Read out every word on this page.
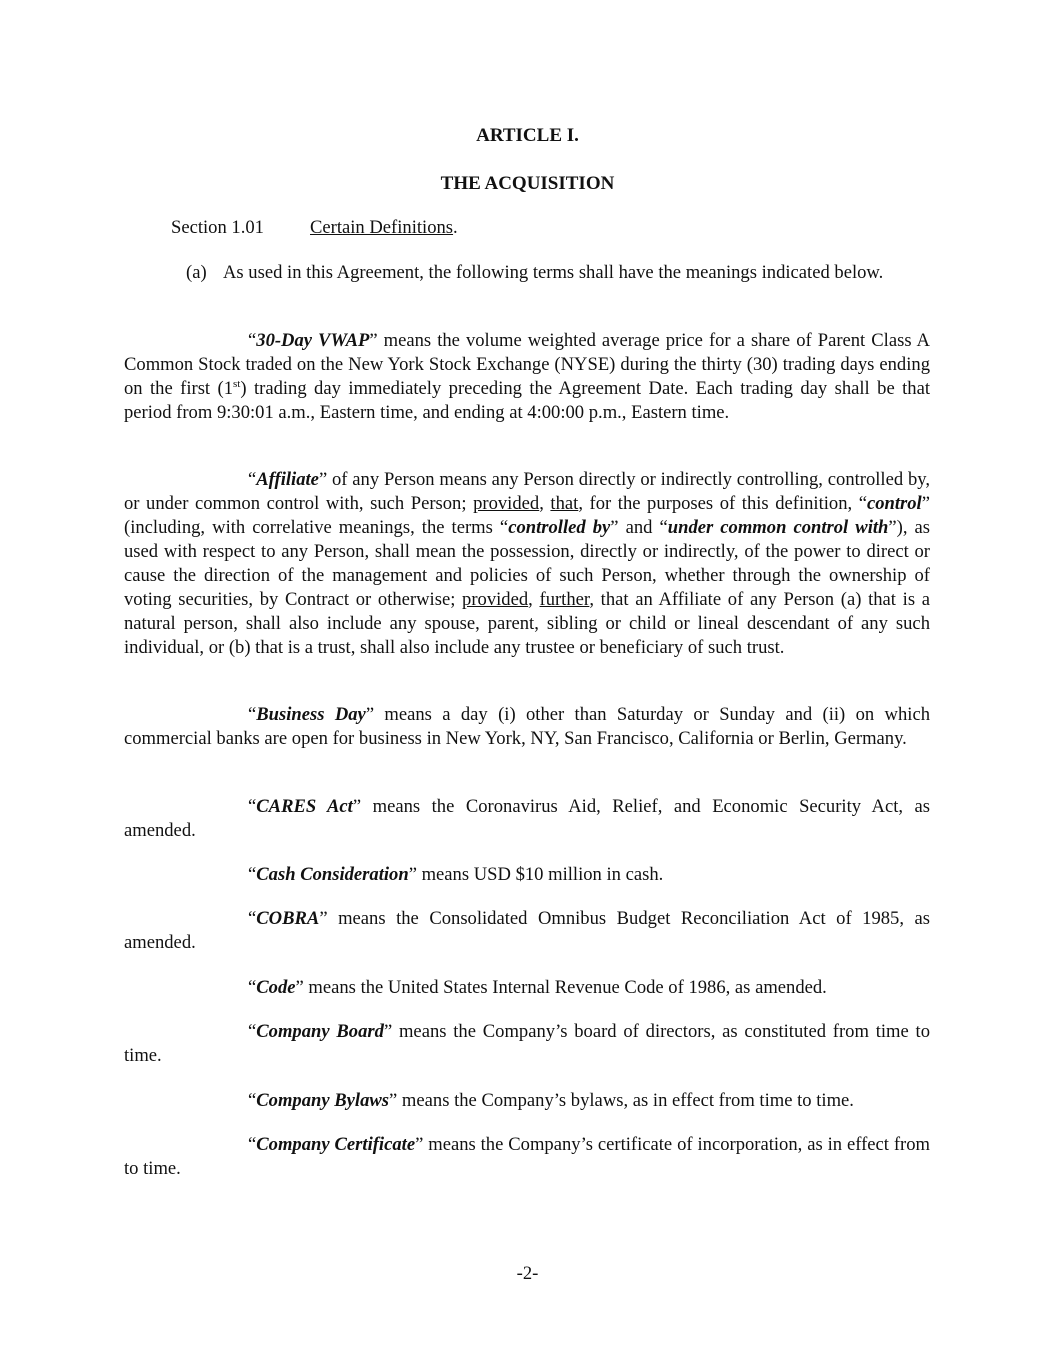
ARTICLE I.
THE ACQUISITION
Section 1.01 Certain Definitions.
(a) As used in this Agreement, the following terms shall have the meanings indicated below.
“30-Day VWAP” means the volume weighted average price for a share of Parent Class A Common Stock traded on the New York Stock Exchange (NYSE) during the thirty (30) trading days ending on the first (1st) trading day immediately preceding the Agreement Date. Each trading day shall be that period from 9:30:01 a.m., Eastern time, and ending at 4:00:00 p.m., Eastern time.
“Affiliate” of any Person means any Person directly or indirectly controlling, controlled by, or under common control with, such Person; provided, that, for the purposes of this definition, “control” (including, with correlative meanings, the terms “controlled by” and “under common control with”), as used with respect to any Person, shall mean the possession, directly or indirectly, of the power to direct or cause the direction of the management and policies of such Person, whether through the ownership of voting securities, by Contract or otherwise; provided, further, that an Affiliate of any Person (a) that is a natural person, shall also include any spouse, parent, sibling or child or lineal descendant of any such individual, or (b) that is a trust, shall also include any trustee or beneficiary of such trust.
“Business Day” means a day (i) other than Saturday or Sunday and (ii) on which commercial banks are open for business in New York, NY, San Francisco, California or Berlin, Germany.
“CARES Act” means the Coronavirus Aid, Relief, and Economic Security Act, as amended.
“Cash Consideration” means USD $10 million in cash.
“COBRA” means the Consolidated Omnibus Budget Reconciliation Act of 1985, as amended.
“Code” means the United States Internal Revenue Code of 1986, as amended.
“Company Board” means the Company’s board of directors, as constituted from time to time.
“Company Bylaws” means the Company’s bylaws, as in effect from time to time.
“Company Certificate” means the Company’s certificate of incorporation, as in effect from to time.
-2-
